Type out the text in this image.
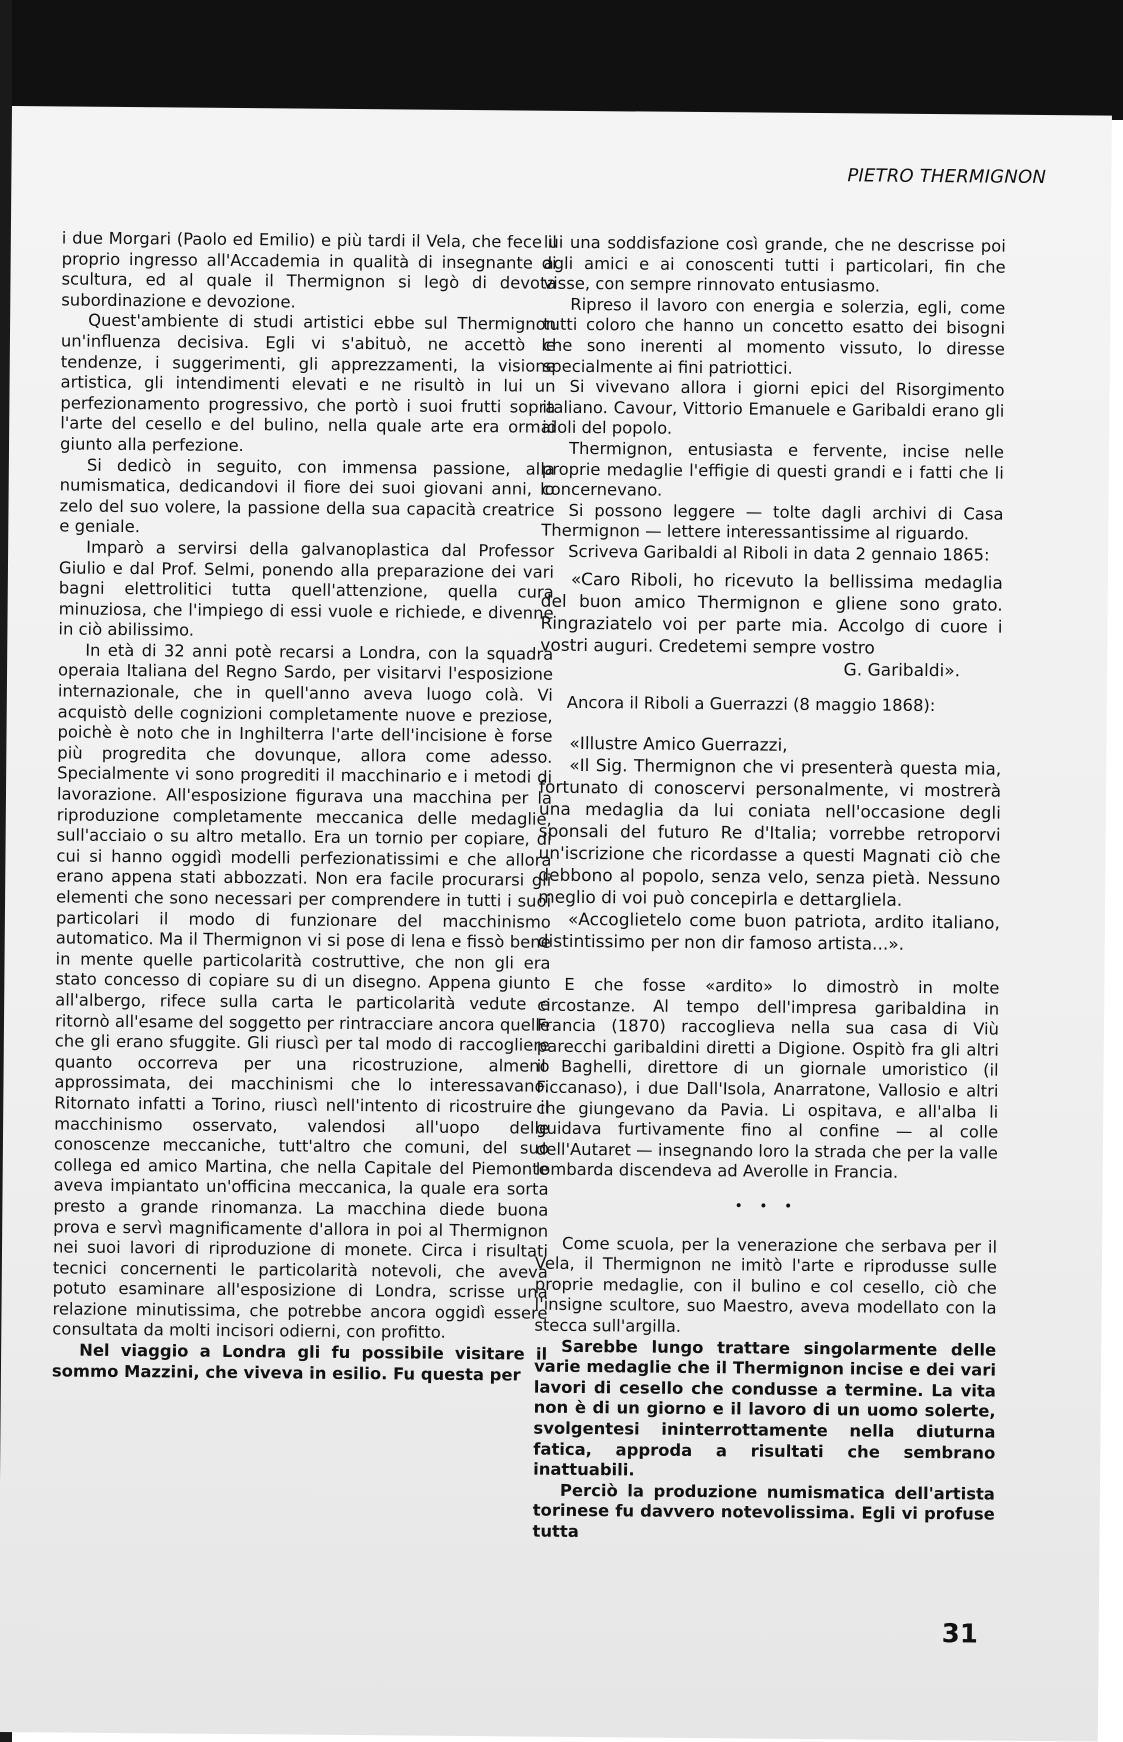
PIETRO THERMIGNON

i due Morgari (Paolo ed Emilio) e più tardi il Vela, che fece il proprio ingresso all'Accademia in qualità di insegnante di scultura, ed al quale il Thermignon si legò di devota subordinazione e devozione.

Quest'ambiente di studi artistici ebbe sul Thermignon un'influenza decisiva. Egli vi s'abituò, ne accettò le tendenze, i suggerimenti, gli apprezzamenti, la visione artistica, gli intendimenti elevati e ne risultò in lui un perfezionamento progressivo, che portò i suoi frutti sopra l'arte del cesello e del bulino, nella quale arte era ormai giunto alla perfezione.

Si dedicò in seguito, con immensa passione, alla numismatica, dedicandovi il fiore dei suoi giovani anni, lo zelo del suo volere, la passione della sua capacità creatrice e geniale.

Imparò a servirsi della galvanoplastica dal Professor Giulio e dal Prof. Selmi, ponendo alla preparazione dei vari bagni elettrolitici tutta quell'attenzione, quella cura minuziosa, che l'impiego di essi vuole e richiede, e divenne in ciò abilissimo.

In età di 32 anni potè recarsi a Londra, con la squadra operaia Italiana del Regno Sardo, per visitarvi l'esposizione internazionale, che in quell'anno aveva luogo colà. Vi acquistò delle cognizioni completamente nuove e preziose, poichè è noto che in Inghilterra l'arte dell'incisione è forse più progredita che dovunque, allora come adesso. Specialmente vi sono progrediti il macchinario e i metodi di lavorazione. All'esposizione figurava una macchina per la riproduzione completamente meccanica delle medaglie, sull'acciaio o su altro metallo. Era un tornio per copiare, di cui si hanno oggidì modelli perfezionatissimi e che allora erano appena stati abbozzati. Non era facile procurarsi gli elementi che sono necessari per comprendere in tutti i suoi particolari il modo di funzionare del macchinismo automatico. Ma il Thermignon vi si pose di lena e fissò bene in mente quelle particolarità costruttive, che non gli era stato concesso di copiare su di un disegno. Appena giunto all'albergo, rifece sulla carta le particolarità vedute e ritornò all'esame del soggetto per rintracciare ancora quelle che gli erano sfuggite. Gli riuscì per tal modo di raccogliere quanto occorreva per una ricostruzione, almeno approssimata, dei macchinismi che lo interessavano. Ritornato infatti a Torino, riuscì nell'intento di ricostruire il macchinismo osservato, valendosi all'uopo delle conoscenze meccaniche, tutt'altro che comuni, del suo collega ed amico Martina, che nella Capitale del Piemonte aveva impiantato un'officina meccanica, la quale era sorta presto a grande rinomanza. La macchina diede buona prova e servì magnificamente d'allora in poi al Thermignon nei suoi lavori di riproduzione di monete. Circa i risultati tecnici concernenti le particolarità notevoli, che aveva potuto esaminare all'esposizione di Londra, scrisse una relazione minutissima, che potrebbe ancora oggidì essere consultata da molti incisori odierni, con profitto.

Nel viaggio a Londra gli fu possibile visitare il sommo Mazzini, che viveva in esilio. Fu questa per

lui una soddisfazione così grande, che ne descrisse poi agli amici e ai conoscenti tutti i particolari, fin che visse, con sempre rinnovato entusiasmo.

Ripreso il lavoro con energia e solerzia, egli, come tutti coloro che hanno un concetto esatto dei bisogni che sono inerenti al momento vissuto, lo diresse specialmente ai fini patriottici.

Si vivevano allora i giorni epici del Risorgimento italiano. Cavour, Vittorio Emanuele e Garibaldi erano gli idoli del popolo.

Thermignon, entusiasta e fervente, incise nelle proprie medaglie l'effigie di questi grandi e i fatti che li concernevano.

Si possono leggere — tolte dagli archivi di Casa Thermignon — lettere interessantissime al riguardo.

Scriveva Garibaldi al Riboli in data 2 gennaio 1865:

«Caro Riboli, ho ricevuto la bellissima medaglia del buon amico Thermignon e gliene sono grato. Ringraziatelo voi per parte mia. Accolgo di cuore i vostri auguri. Credetemi sempre vostro

G. Garibaldi».

Ancora il Riboli a Guerrazzi (8 maggio 1868):

«Illustre Amico Guerrazzi,

«Il Sig. Thermignon che vi presenterà questa mia, fortunato di conoscervi personalmente, vi mostrerà una medaglia da lui coniata nell'occasione degli sponsali del futuro Re d'Italia; vorrebbe retroporvi un'iscrizione che ricordasse a questi Magnati ciò che debbono al popolo, senza velo, senza pietà. Nessuno meglio di voi può concepirla e dettargliela.

«Accoglietelo come buon patriota, ardito italiano, distintissimo per non dir famoso artista...».

E che fosse «ardito» lo dimostrò in molte circostanze. Al tempo dell'impresa garibaldina in Francia (1870) raccoglieva nella sua casa di Viù parecchi garibaldini diretti a Digione. Ospitò fra gli altri il Baghelli, direttore di un giornale umoristico (il Ficcanaso), i due Dall'Isola, Anarratone, Vallosio e altri che giungevano da Pavia. Li ospitava, e all'alba li guidava furtivamente fino al confine — al colle dell'Autaret — insegnando loro la strada che per la valle lombarda discendeva ad Averolle in Francia.

• • •

Come scuola, per la venerazione che serbava per il Vela, il Thermignon ne imitò l'arte e riprodusse sulle proprie medaglie, con il bulino e col cesello, ciò che l'insigne scultore, suo Maestro, aveva modellato con la stecca sull'argilla.

Sarebbe lungo trattare singolarmente delle varie medaglie che il Thermignon incise e dei vari lavori di cesello che condusse a termine. La vita non è di un giorno e il lavoro di un uomo solerte, svolgentesi ininterrottamente nella diuturna fatica, approda a risultati che sembrano inattuabili.

Perciò la produzione numismatica dell'artista torinese fu davvero notevolissima. Egli vi profuse tutta

31
